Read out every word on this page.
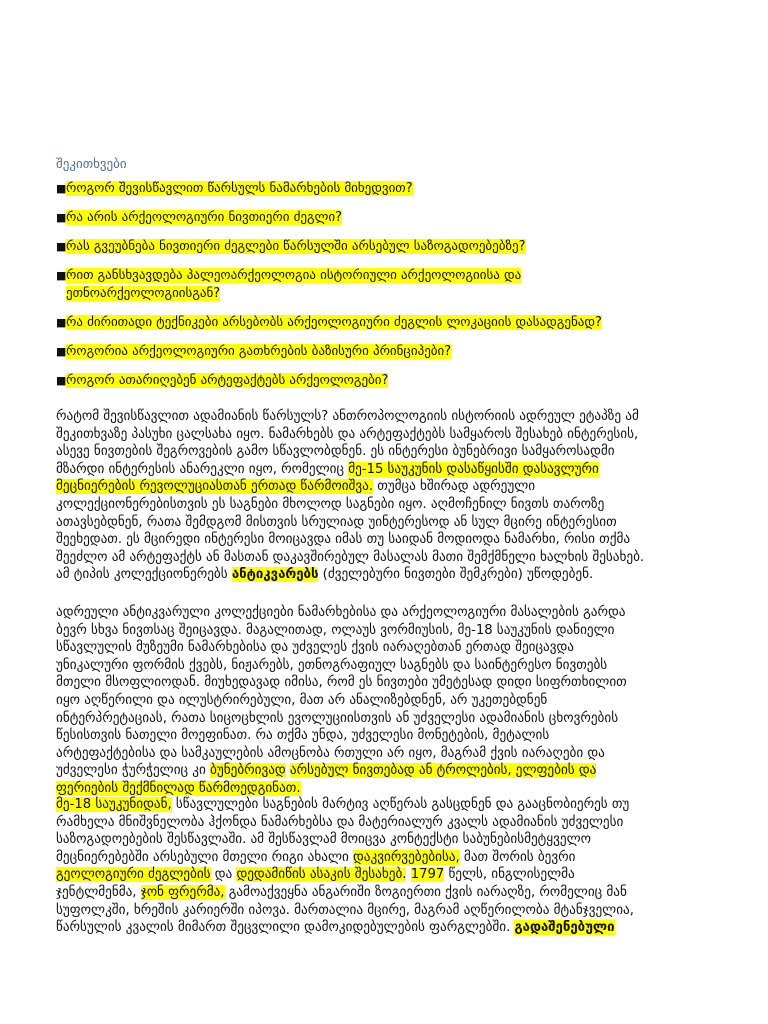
შეკითხვები
■ როგორ შევისწავლით წარსულს ნამარხების მიხედვით?
■ რა არის არქეოლოგიური ნივთიერი ძეგლი?
■ რას გვეუბნება ნივთიერი ძეგლები წარსულში არსებულ საზოგადოებებზე?
■ რით განსხვავდება პალეოარქეოლოგია ისტორიული არქეოლოგიისა და
ეთნოარქეოლოგიისგან?
■ რა ძირითადი ტექნიკები არსებობს არქეოლოგიური ძეგლის ლოკაციის დასადგენად?
■ როგორია არქეოლოგიური გათხრების ბაზისური პრინციპები?
■ როგორ ათარიღებენ არტეფაქტებს არქეოლოგები?

რატომ შევისწავლით ადამიანის წარსულს? ანთროპოლოგიის ისტორიის ადრეულ ეტაპზე ამ
შეკითხვაზე პასუხი ცალსახა იყო. ნამარხებს და არტეფაქტებს სამყაროს შესახებ ინტერესის,
ასევე ნივთების შეგროვების გამო სწავლობდნენ. ეს ინტერესი ბუნებრივი სამყაროსადმი
მზარდი ინტერესის ანარეკლი იყო, რომელიც მე-15 საუკუნის დასაწყისში დასავლური
მეცნიერების რევოლუციასთან ერთად წარმოიშვა. თუმცა ხშირად ადრეული
კოლექციონერებისთვის ეს საგნები მხოლოდ საგნები იყო. აღმოჩენილ ნივთს თაროზე
ათავსებდნენ, რათა შემდგომ მისთვის სრულიად უინტერესოდ ან სულ მცირე ინტერესით
შეეხედათ. ეს მცირედი ინტერესი მოიცავდა იმას თუ საიდან მოდიოდა ნამარხი, რისი თქმა
შეეძლო ამ არტეფაქტს ან მასთან დაკავშირებულ მასალას მათი შემქმნელი ხალხის შესახებ.
ამ ტიპის კოლექციონერებს ანტიკვარებს (ძველებური ნივთები შემკრები) უწოდებენ.

ადრეული ანტიკვარული კოლექციები ნამარხებისა და არქეოლოგიური მასალების გარდა
ბევრ სხვა ნივთსაც შეიცავდა. მაგალითად, ოლაუს ვორმიუსის, მე-18 საუკუნის დანიელი
სწავლულის მუზეუმი ნამარხებისა და უძველეს ქვის იარაღებთან ერთად შეიცავდა
უნიკალური ფორმის ქვებს, ნიჟარებს, ეთნოგრაფიულ საგნებს და საინტერესო ნივთებს
მთელი მსოფლიოდან. მიუხედავად იმისა, რომ ეს ნივთები უმეტესად დიდი სიფრთხილით
იყო აღწერილი და ილუსტრირებული, მათ არ ანალიზებდნენ, არ უკეთებდნენ
ინტერპრეტაციას, რათა სიცოცხლის ევოლუციისთვის ან უძველესი ადამიანის ცხოვრების
წესისთვის ნათელი მოეფინათ. რა თქმა უნდა, უძველესი მონეტების, მეტალის
არტეფაქტებისა და სამკაულების ამოცნობა რთული არ იყო, მაგრამ ქვის იარაღები და
უძველესი ჭურჭელიც კი ბუნებრივად არსებულ ნივთებად ან ტროლების, ელფების და
ფერიების შექმნილად წარმოედგინათ.

მე-18 საუკუნიდან, სწავლულები საგნების მარტივ აღწერას გასცდნენ და გააცნობიერეს თუ
რამხელა მნიშვნელობა ჰქონდა ნამარხებსა და მატერიალურ კვალს ადამიანის უძველესი
საზოგადოებების შესწავლაში. ამ შესწავლამ მოიცვა კონტექსტი საბუნებისმეტყველო
მეცნიერებებში არსებული მთელი რიგი ახალი დაკვირვებებისა, მათ შორის ბევრი
გეოლოგიური ძეგლების და დედამიწის ასაკის შესახებ. 1797 წელს, ინგლისელმა
ჯენტლმენმა, ჯონ ფრერმა, გამოაქვეყნა ანგარიში ზოგიერთი ქვის იარაღზე, რომელიც მან
სუფოლკში, ხრეშის კარიერში იპოვა. მართალია მცირე, მაგრამ აღწერილობა მტანჯველია,
წარსულის კვალის მიმართ შეცვლილი დამოკიდებულების ფარგლებში. გადაშენებული
